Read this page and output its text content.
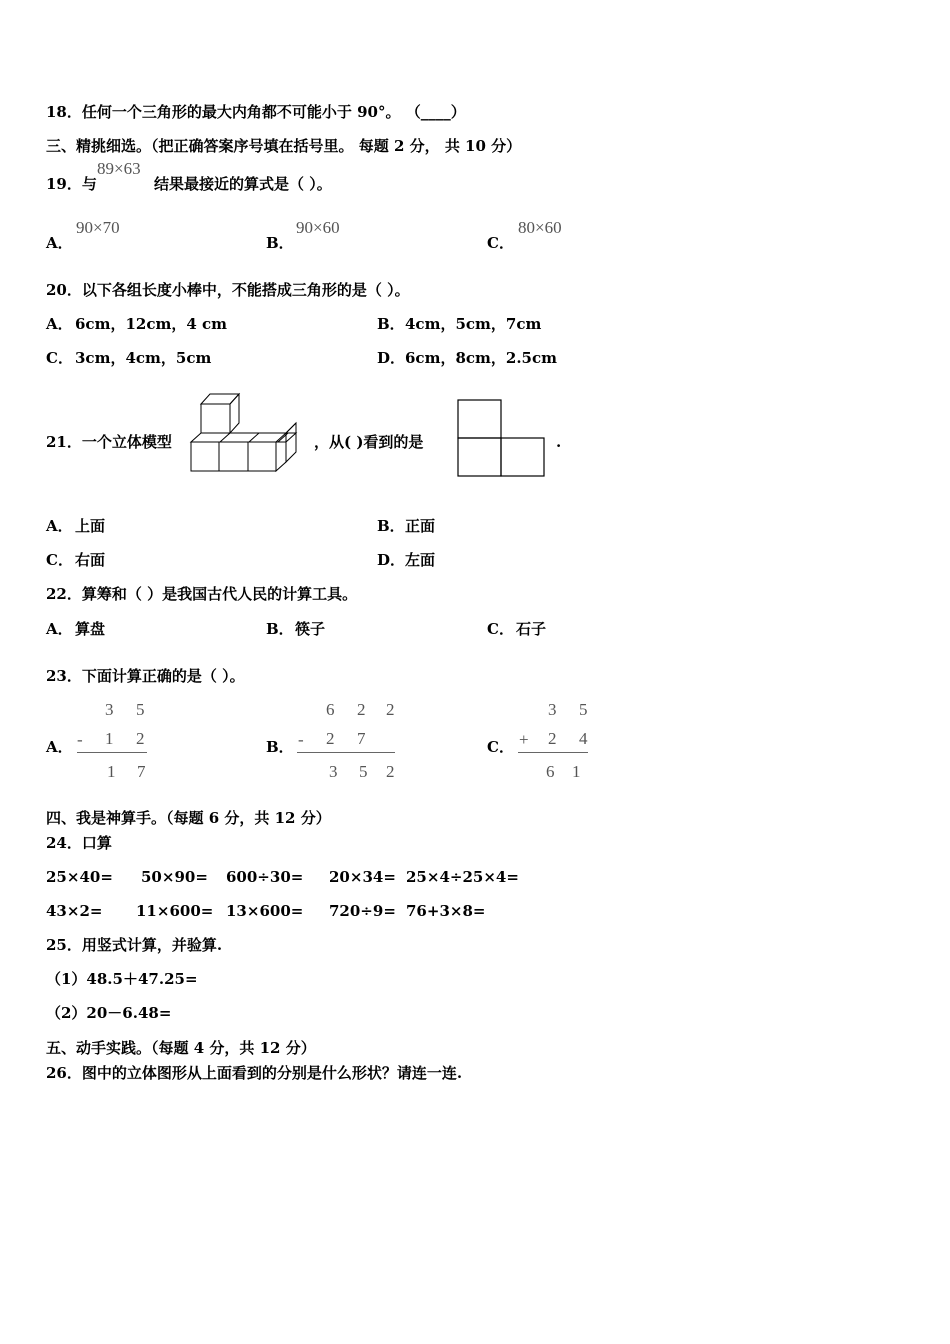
18．任何一个三角形的最大内角都不可能小于 90°。 （____）
三、精挑细选。（把正确答案序号填在括号里。 每题 2 分， 共 10 分）
19．与
89×63
结果最接近的算式是（ ）。
A．
90×70
B．
90×60
C．
80×60
20．以下各组长度小棒中，不能搭成三角形的是（ ）。
A． 6cm，12cm，4 cm	B． 4cm，5cm，7cm
C． 3cm，4cm，5cm	D． 6cm，8cm，2.5cm
21．一个立体模型	，从( )看到的是	.
A． 上面	B． 正面
C． 右面	D． 左面
22．算筹和（ ）是我国古代人民的计算工具。
A． 算盘	B． 筷子	C． 石子
23．下面计算正确的是（ ）。
A．
3 5
- 1 2
1 7
B．
6 2 2
- 2 7
3 5 2
C．
3 5
+ 2 4
6 1
四、我是神算手。（每题 6 分，共 12 分）
24．口算
25×40= 50×90= 600÷30= 20×34= 25×4÷25×4=
43×2= 11×600= 13×600= 720÷9= 76+3×8=
25．用竖式计算，并验算.
（1）48.5＋47.25=
（2）20－6.48=
五、动手实践。（每题 4 分，共 12 分）
26．图中的立体图形从上面看到的分别是什么形状？请连一连.
